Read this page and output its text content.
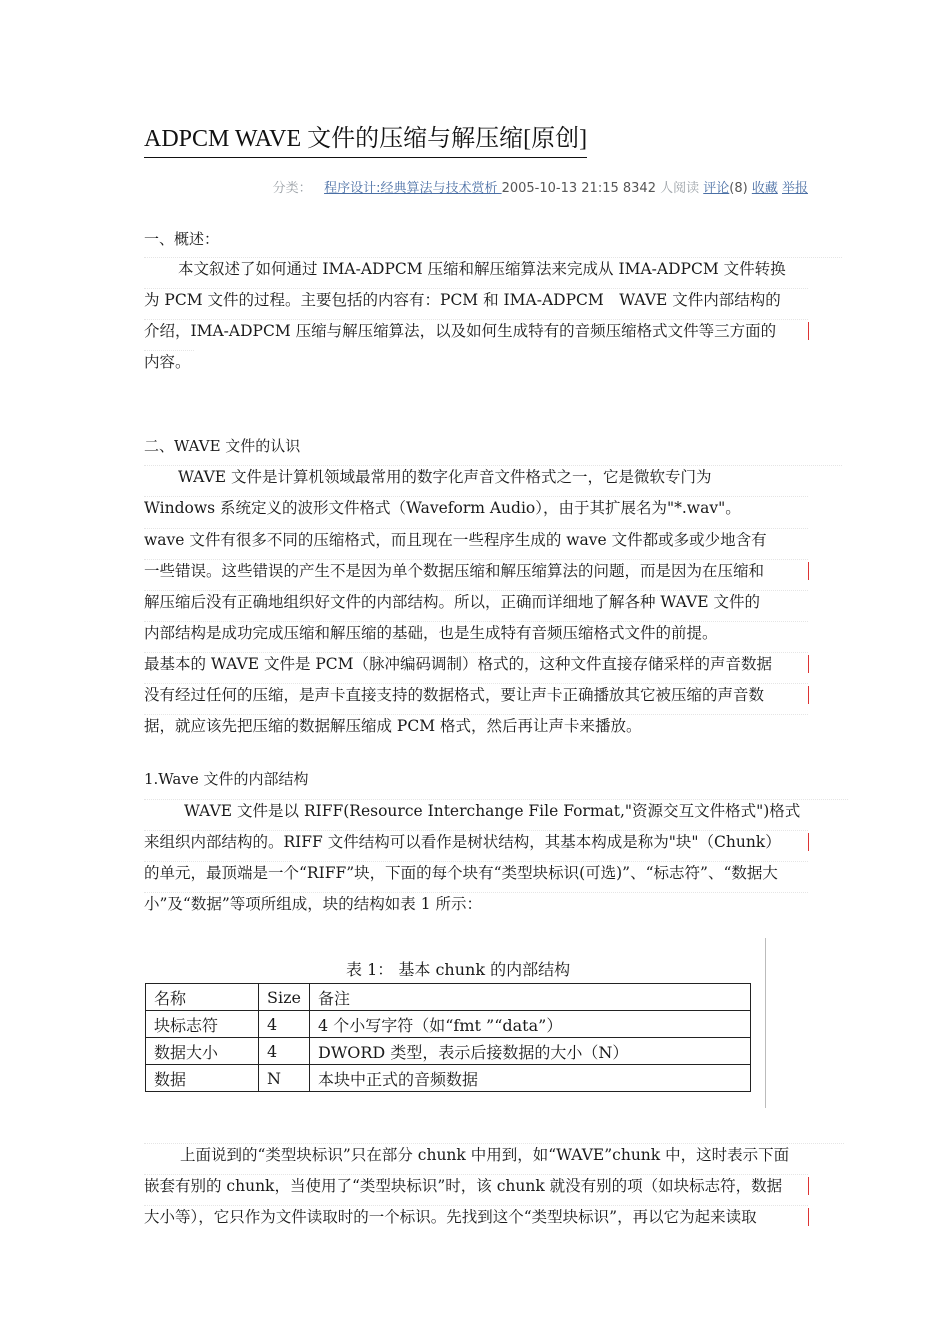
ADPCM WAVE 文件的压缩与解压缩[原创]
分类： 程序设计:经典算法与技术赏析 2005-10-13 21:15 8342 人阅读 评论(8) 收藏 举报
一、概述：
本文叙述了如何通过 IMA-ADPCM 压缩和解压缩算法来完成从 IMA-ADPCM 文件转换
为 PCM 文件的过程。主要包括的内容有：PCM 和 IMA-ADPCM　WAVE 文件内部结构的
介绍，IMA-ADPCM 压缩与解压缩算法，以及如何生成特有的音频压缩格式文件等三方面的
内容。
二、WAVE 文件的认识
WAVE 文件是计算机领域最常用的数字化声音文件格式之一，它是微软专门为
Windows 系统定义的波形文件格式（Waveform Audio），由于其扩展名为"*.wav"。
wave 文件有很多不同的压缩格式，而且现在一些程序生成的 wave 文件都或多或少地含有
一些错误。这些错误的产生不是因为单个数据压缩和解压缩算法的问题，而是因为在压缩和
解压缩后没有正确地组织好文件的内部结构。所以，正确而详细地了解各种 WAVE 文件的
内部结构是成功完成压缩和解压缩的基础，也是生成特有音频压缩格式文件的前提。
最基本的 WAVE 文件是 PCM（脉冲编码调制）格式的，这种文件直接存储采样的声音数据
没有经过任何的压缩，是声卡直接支持的数据格式，要让声卡正确播放其它被压缩的声音数
据，就应该先把压缩的数据解压缩成 PCM 格式，然后再让声卡来播放。
1.Wave 文件的内部结构
WAVE 文件是以 RIFF(Resource Interchange File Format,"资源交互文件格式")格式
来组织内部结构的。RIFF 文件结构可以看作是树状结构，其基本构成是称为"块"（Chunk）
的单元，最顶端是一个“RIFF”块，下面的每个块有“类型块标识(可选)”、“标志符”、“数据大
小”及“数据”等项所组成，块的结构如表 1 所示：
表 1： 基本 chunk 的内部结构
名称	Size	备注
块标志符	4	4 个小写字符（如“fmt ”“data”）
数据大小	4	DWORD 类型，表示后接数据的大小（N）
数据	N	本块中正式的音频数据
上面说到的“类型块标识”只在部分 chunk 中用到，如“WAVE”chunk 中，这时表示下面
嵌套有别的 chunk，当使用了“类型块标识”时，该 chunk 就没有别的项（如块标志符，数据
大小等），它只作为文件读取时的一个标识。先找到这个“类型块标识”，再以它为起来读取
